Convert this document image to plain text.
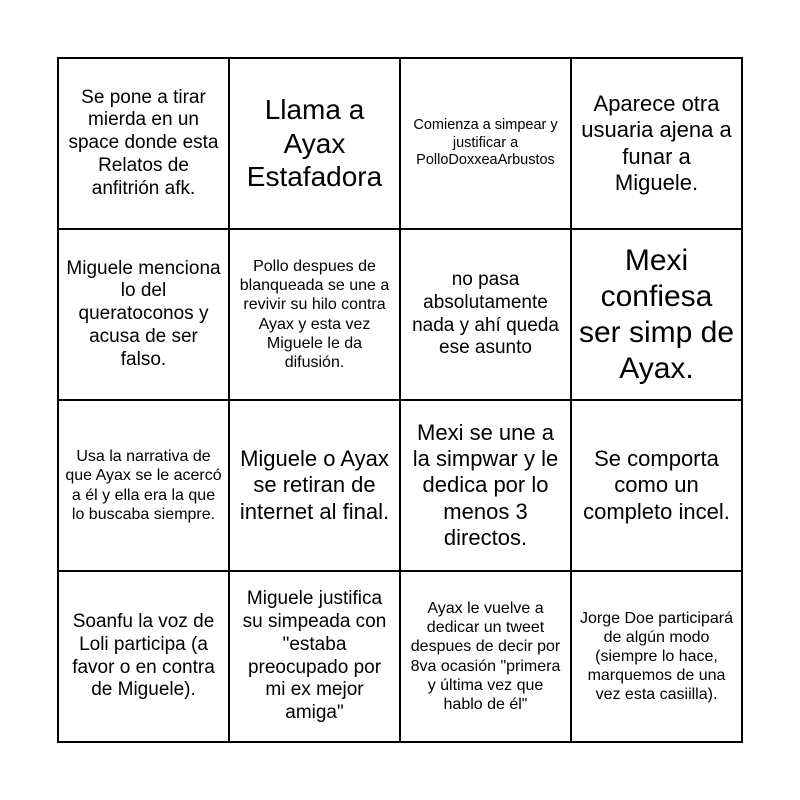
Se pone a tirar mierda en un space donde esta Relatos de anfitrión afk.
Llama a Ayax Estafadora
Comienza a simpear y justificar a PolloDoxxeaArbustos
Aparece otra usuaria ajena a funar a Miguele.
Miguele menciona lo del queratoconos y acusa de ser falso.
Pollo despues de blanqueada se une a revivir su hilo contra Ayax y esta vez Miguele le da difusión.
no pasa absolutamente nada y ahí queda ese asunto
Mexi confiesa ser simp de Ayax.
Usa la narrativa de que Ayax se le acercó a él y ella era la que lo buscaba siempre.
Miguele o Ayax se retiran de internet al final.
Mexi se une a la simpwar y le dedica por lo menos 3 directos.
Se comporta como un completo incel.
Soanfu la voz de Loli participa (a favor o en contra de Miguele).
Miguele justifica su simpeada con "estaba preocupado por mi ex mejor amiga"
Ayax le vuelve a dedicar un tweet despues de decir por 8va ocasión "primera y última vez que hablo de él"
Jorge Doe participará de algún modo (siempre lo hace, marquemos de una vez esta casiilla).
